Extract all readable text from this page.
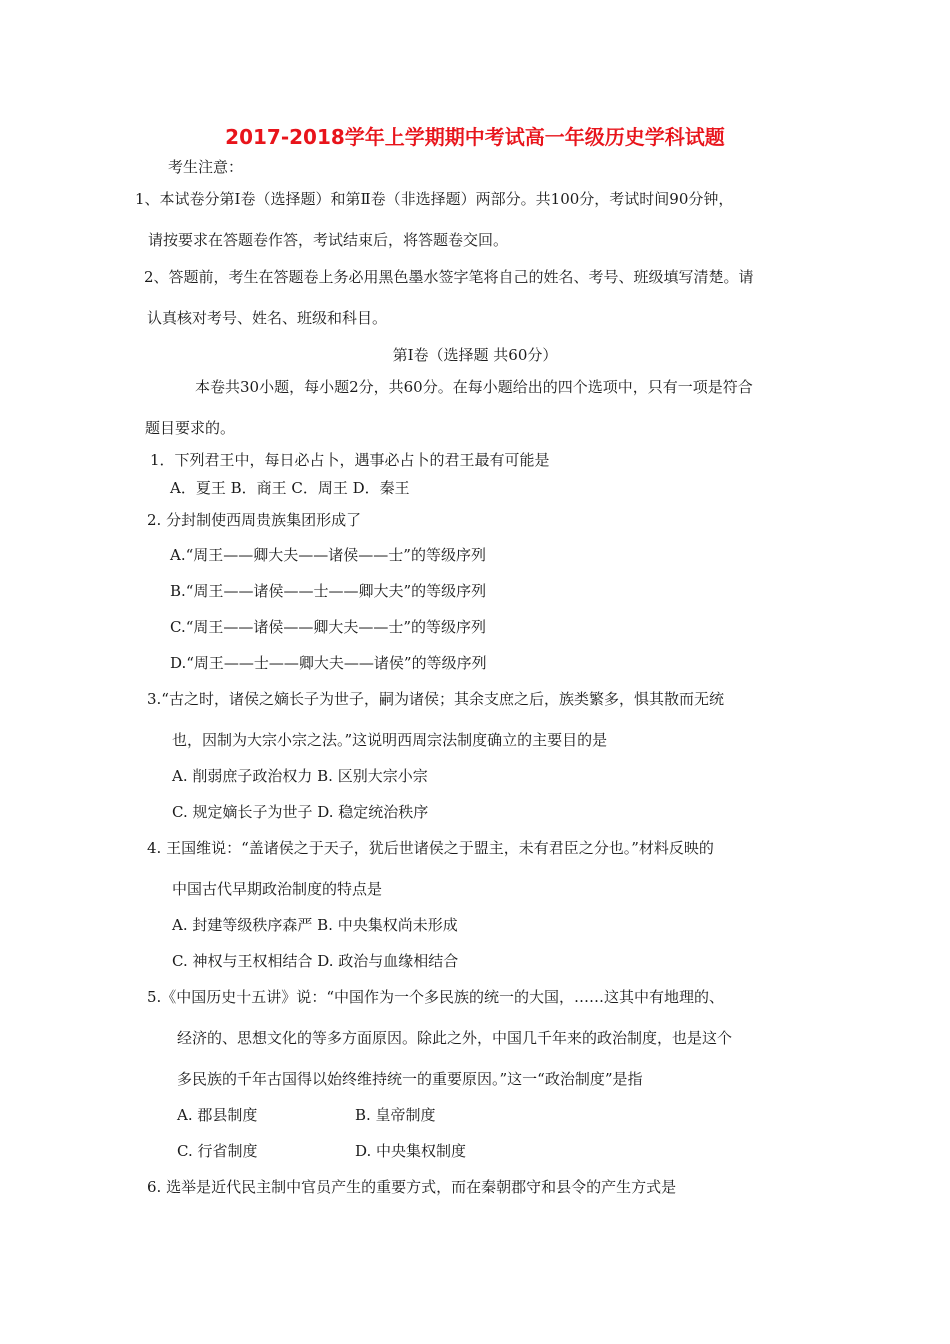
2017-2018学年上学期期中考试高一年级历史学科试题
考生注意：
1、本试卷分第Ⅰ卷（选择题）和第Ⅱ卷（非选择题）两部分。共100分，考试时间90分钟，
请按要求在答题卷作答，考试结束后，将答题卷交回。
2、答题前，考生在答题卷上务必用黑色墨水签字笔将自己的姓名、考号、班级填写清楚。请
认真核对考号、姓名、班级和科目。
第Ⅰ卷（选择题 共60分）
本卷共30小题，每小题2分，共60分。在每小题给出的四个选项中，只有一项是符合
题目要求的。
1．下列君王中，每日必占卜，遇事必占卜的君王最有可能是
A．夏王 B．商王 C．周王 D．秦王
2. 分封制使西周贵族集团形成了
A.“周王——卿大夫——诸侯——士”的等级序列
B.“周王——诸侯——士——卿大夫”的等级序列
C.“周王——诸侯——卿大夫——士”的等级序列
D.“周王——士——卿大夫——诸侯”的等级序列
3.“古之时，诸侯之嫡长子为世子，嗣为诸侯；其余支庶之后，族类繁多，惧其散而无统
也，因制为大宗小宗之法。”这说明西周宗法制度确立的主要目的是
A. 削弱庶子政治权力 B. 区别大宗小宗
C. 规定嫡长子为世子 D. 稳定统治秩序
4. 王国维说：“盖诸侯之于天子，犹后世诸侯之于盟主，未有君臣之分也。”材料反映的
中国古代早期政治制度的特点是
A. 封建等级秩序森严 B. 中央集权尚未形成
C. 神权与王权相结合 D. 政治与血缘相结合
5.《中国历史十五讲》说：“中国作为一个多民族的统一的大国，……这其中有地理的、
经济的、思想文化的等多方面原因。除此之外，中国几千年来的政治制度，也是这个
多民族的千年古国得以始终维持统一的重要原因。”这一“政治制度”是指
A. 郡县制度	B. 皇帝制度
C. 行省制度	D. 中央集权制度
6. 选举是近代民主制中官员产生的重要方式，而在秦朝郡守和县令的产生方式是
